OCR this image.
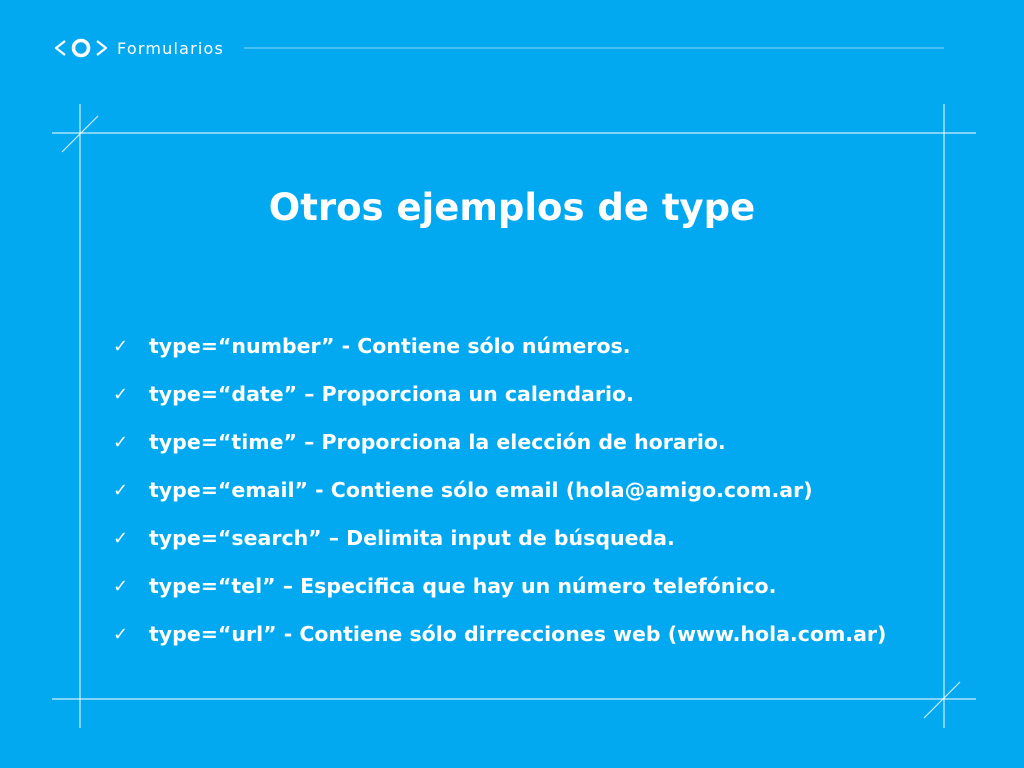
Formularios
Otros ejemplos de type
✓	type=“number” - Contiene sólo números.
✓	type=“date” – Proporciona un calendario.
✓	type=“time” – Proporciona la elección de horario.
✓	type=“email” - Contiene sólo email (hola@amigo.com.ar)
✓	type=“search” – Delimita input de búsqueda.
✓	type=“tel” – Especifica que hay un número telefónico.
✓	type=“url” - Contiene sólo dirrecciones web (www.hola.com.ar)
